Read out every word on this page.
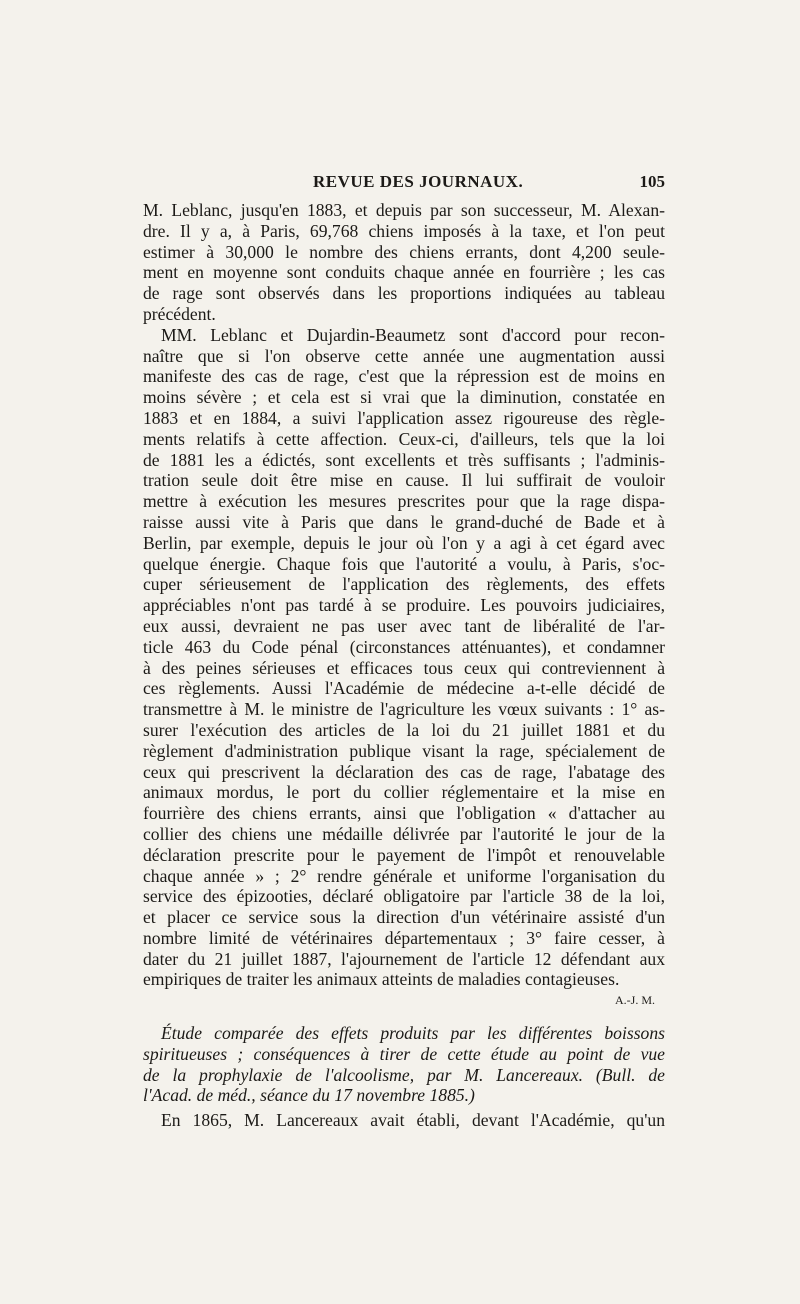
REVUE DES JOURNAUX.	105
M. Leblanc, jusqu'en 1883, et depuis par son successeur, M. Alexan-
dre. Il y a, à Paris, 69,768 chiens imposés à la taxe, et l'on peut
estimer à 30,000 le nombre des chiens errants, dont 4,200 seule-
ment en moyenne sont conduits chaque année en fourrière ; les cas
de rage sont observés dans les proportions indiquées au tableau
précédent.
MM. Leblanc et Dujardin-Beaumetz sont d'accord pour recon-
naître que si l'on observe cette année une augmentation aussi
manifeste des cas de rage, c'est que la répression est de moins en
moins sévère ; et cela est si vrai que la diminution, constatée en
1883 et en 1884, a suivi l'application assez rigoureuse des règle-
ments relatifs à cette affection. Ceux-ci, d'ailleurs, tels que la loi
de 1881 les a édictés, sont excellents et très suffisants ; l'adminis-
tration seule doit être mise en cause. Il lui suffirait de vouloir
mettre à exécution les mesures prescrites pour que la rage dispa-
raisse aussi vite à Paris que dans le grand-duché de Bade et à
Berlin, par exemple, depuis le jour où l'on y a agi à cet égard avec
quelque énergie. Chaque fois que l'autorité a voulu, à Paris, s'oc-
cuper sérieusement de l'application des règlements, des effets
appréciables n'ont pas tardé à se produire. Les pouvoirs judiciaires,
eux aussi, devraient ne pas user avec tant de libéralité de l'ar-
ticle 463 du Code pénal (circonstances atténuantes), et condamner
à des peines sérieuses et efficaces tous ceux qui contreviennent à
ces règlements. Aussi l'Académie de médecine a-t-elle décidé de
transmettre à M. le ministre de l'agriculture les vœux suivants : 1° as-
surer l'exécution des articles de la loi du 21 juillet 1881 et du
règlement d'administration publique visant la rage, spécialement de
ceux qui prescrivent la déclaration des cas de rage, l'abatage des
animaux mordus, le port du collier réglementaire et la mise en
fourrière des chiens errants, ainsi que l'obligation « d'attacher au
collier des chiens une médaille délivrée par l'autorité le jour de la
déclaration prescrite pour le payement de l'impôt et renouvelable
chaque année » ; 2° rendre générale et uniforme l'organisation du
service des épizooties, déclaré obligatoire par l'article 38 de la loi,
et placer ce service sous la direction d'un vétérinaire assisté d'un
nombre limité de vétérinaires départementaux ; 3° faire cesser, à
dater du 21 juillet 1887, l'ajournement de l'article 12 défendant aux
empiriques de traiter les animaux atteints de maladies contagieuses.
A.-J. M.
Étude comparée des effets produits par les différentes boissons
spiritueuses ; conséquences à tirer de cette étude au point de vue
de la prophylaxie de l'alcoolisme, par M. Lancereaux. (Bull. de
l'Acad. de méd., séance du 17 novembre 1885.)
En 1865, M. Lancereaux avait établi, devant l'Académie, qu'un
